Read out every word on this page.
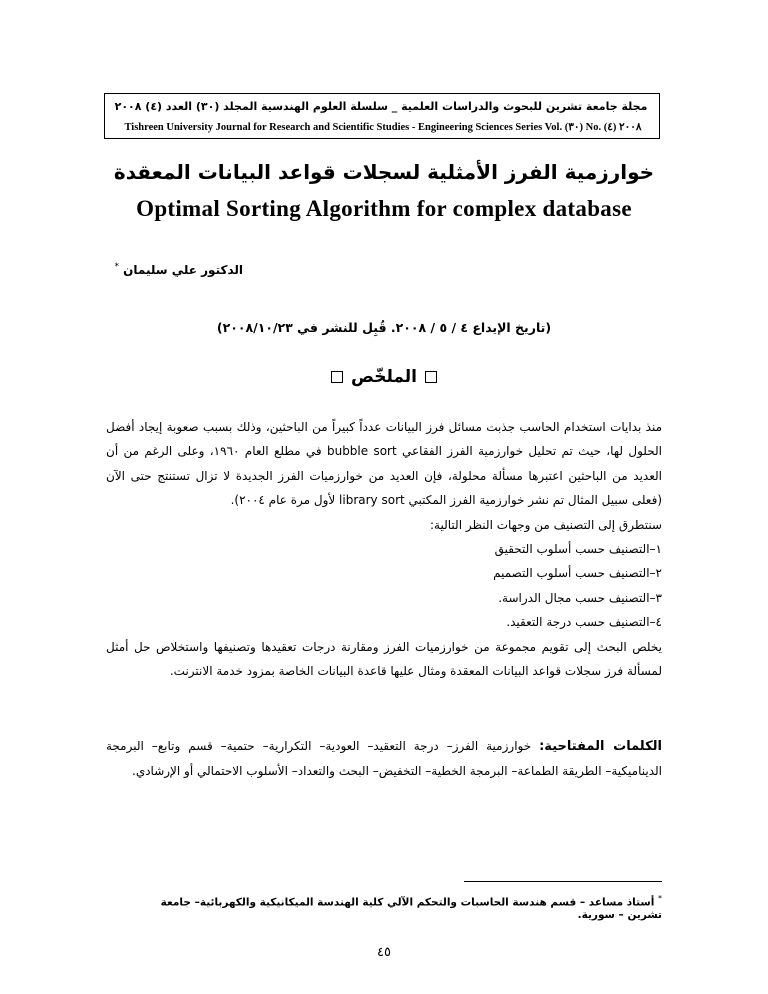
مجلة جامعة تشرين للبحوث والدراسات العلمية _ سلسلة العلوم الهندسية المجلد (٣٠) العدد (٤) ٢٠٠٨
Tishreen University Journal for Research and Scientific Studies - Engineering Sciences Series Vol. (٣٠) No. (٤) ٢٠٠٨
خوارزمية الفرز الأمثلية لسجلات قواعد البيانات المعقدة
Optimal Sorting Algorithm for complex database
الدكتور علي سليمان *
(تاريخ الإيداع ٤ / ٥ / ٢٠٠٨. قُبِل للنشر في ٢٠٠٨/١٠/٢٣)
الملخّص

منذ بدايات استخدام الحاسب جذبت مسائل فرز البيانات عدداً كبيراً من الباحثين، وذلك بسبب صعوبة إيجاد أفضل الحلول لها، حيث تم تحليل خوارزمية الفرز الفقاعي bubble sort في مطلع العام ١٩٦٠، وعلى الرغم من أن العديد من الباحثين اعتبرها مسألة محلولة، فإن العديد من خوارزميات الفرز الجديدة لا تزال تستنتج حتى الآن (فعلى سبيل المثال تم نشر خوارزمية الفرز المكتبي library sort لأول مرة عام ٢٠٠٤).

سنتطرق إلى التصنيف من وجهات النظر التالية:

١–التصنيف حسب أسلوب التحقيق

٢–التصنيف حسب أسلوب التصميم

٣–التصنيف حسب مجال الدراسة.

٤–التصنيف حسب درجة التعقيد.

يخلص البحث إلى تقويم مجموعة من خوارزميات الفرز ومقارنة درجات تعقيدها وتصنيفها واستخلاص حل أمثل لمسألة فرز سجلات قواعد البيانات المعقدة ومثال عليها قاعدة البيانات الخاصة بمزود خدمة الانترنت.

الكلمات المفتاحية: خوارزمية الفرز– درجة التعقيد– العودية– التكرارية– حتمية– قسم وتابع– البرمجة الديناميكية– الطريقة الطماعة– البرمجة الخطية– التخفيض– البحث والتعداد– الأسلوب الاحتمالي أو الإرشادي.
* أستاذ مساعد – قسم هندسة الحاسبات والتحكم الآلي كلية الهندسة الميكانيكية والكهربائية– جامعة تشرين – سورية.
٤٥
